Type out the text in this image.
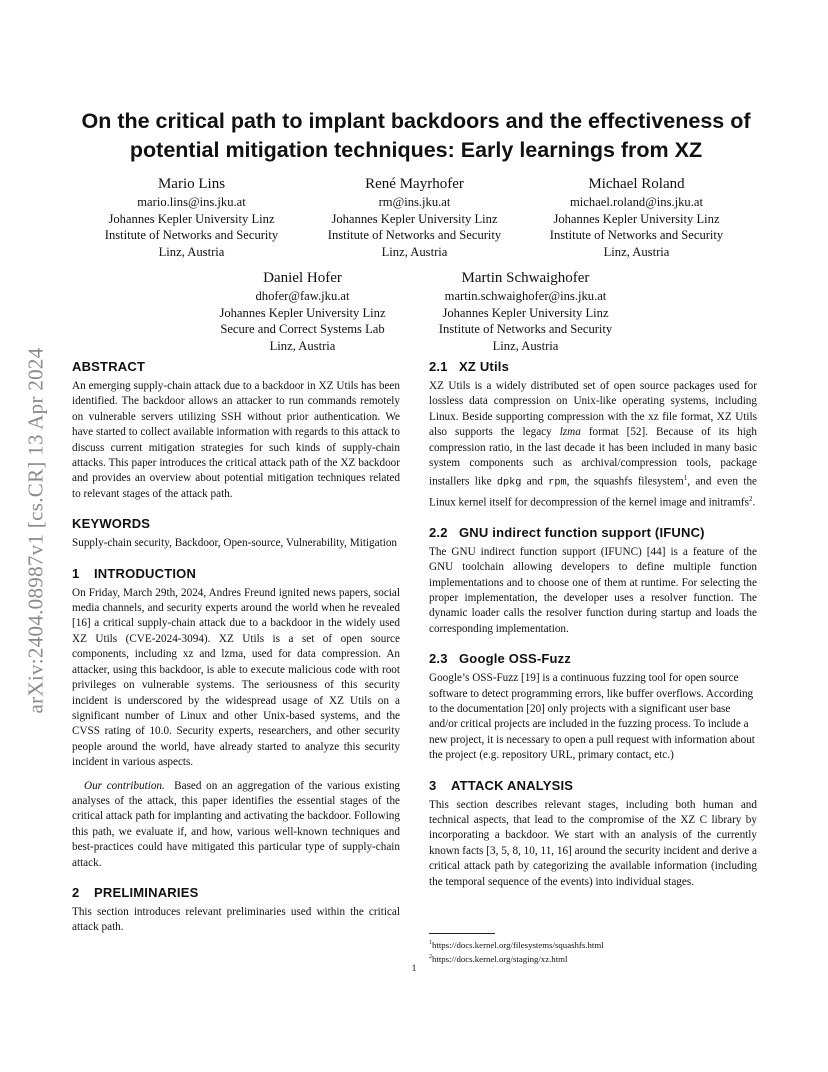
arXiv:2404.08987v1 [cs.CR] 13 Apr 2024
On the critical path to implant backdoors and the effectiveness of potential mitigation techniques: Early learnings from XZ
Mario Lins
mario.lins@ins.jku.at
Johannes Kepler University Linz
Institute of Networks and Security
Linz, Austria
René Mayrhofer
rm@ins.jku.at
Johannes Kepler University Linz
Institute of Networks and Security
Linz, Austria
Michael Roland
michael.roland@ins.jku.at
Johannes Kepler University Linz
Institute of Networks and Security
Linz, Austria
Daniel Hofer
dhofer@faw.jku.at
Johannes Kepler University Linz
Secure and Correct Systems Lab
Linz, Austria
Martin Schwaighofer
martin.schwaighofer@ins.jku.at
Johannes Kepler University Linz
Institute of Networks and Security
Linz, Austria
ABSTRACT

An emerging supply-chain attack due to a backdoor in XZ Utils has been identified. The backdoor allows an attacker to run commands remotely on vulnerable servers utilizing SSH without prior authentication. We have started to collect available information with regards to this attack to discuss current mitigation strategies for such kinds of supply-chain attacks. This paper introduces the critical attack path of the XZ backdoor and provides an overview about potential mitigation techniques related to relevant stages of the attack path.

KEYWORDS

Supply-chain security, Backdoor, Open-source, Vulnerability, Mitigation

1 INTRODUCTION

On Friday, March 29th, 2024, Andres Freund ignited news papers, social media channels, and security experts around the world when he revealed [16] a critical supply-chain attack due to a backdoor in the widely used XZ Utils (CVE-2024-3094). XZ Utils is a set of open source components, including xz and lzma, used for data compression. An attacker, using this backdoor, is able to execute malicious code with root privileges on vulnerable systems. The seriousness of this security incident is underscored by the widespread usage of XZ Utils on a significant number of Linux and other Unix-based systems, and the CVSS rating of 10.0. Security experts, researchers, and other security people around the world, have already started to analyze this security incident in various aspects.

Our contribution. Based on an aggregation of the various existing analyses of the attack, this paper identifies the essential stages of the critical attack path for implanting and activating the backdoor. Following this path, we evaluate if, and how, various well-known techniques and best-practices could have mitigated this particular type of supply-chain attack.

2 PRELIMINARIES

This section introduces relevant preliminaries used within the critical attack path.

2.1 XZ Utils

XZ Utils is a widely distributed set of open source packages used for lossless data compression on Unix-like operating systems, including Linux. Beside supporting compression with the xz file format, XZ Utils also supports the legacy lzma format [52]. Because of its high compression ratio, in the last decade it has been included in many basic system components such as archival/compression tools, package installers like dpkg and rpm, the squashfs filesystem$^1$, and even the Linux kernel itself for decompression of the kernel image and initramfs$^2$.

2.2 GNU indirect function support (IFUNC)

The GNU indirect function support (IFUNC) [44] is a feature of the GNU toolchain allowing developers to define multiple function implementations and to choose one of them at runtime. For selecting the proper implementation, the developer uses a resolver function. The dynamic loader calls the resolver function during startup and loads the corresponding implementation.

2.3 Google OSS-Fuzz

Google’s OSS-Fuzz [19] is a continuous fuzzing tool for open source software to detect programming errors, like buffer overflows. According to the documentation [20] only projects with a significant user base and/or critical projects are included in the fuzzing process. To include a new project, it is necessary to open a pull request with information about the project (e.g. repository URL, primary contact, etc.)

3 ATTACK ANALYSIS

This section describes relevant stages, including both human and technical aspects, that lead to the compromise of the XZ C library by incorporating a backdoor. We start with an analysis of the currently known facts [3, 5, 8, 10, 11, 16] around the security incident and derive a critical attack path by categorizing the available information (including the temporal sequence of the events) into individual stages.

$^1$https://docs.kernel.org/filesystems/squashfs.html
$^2$https://docs.kernel.org/staging/xz.html
1
